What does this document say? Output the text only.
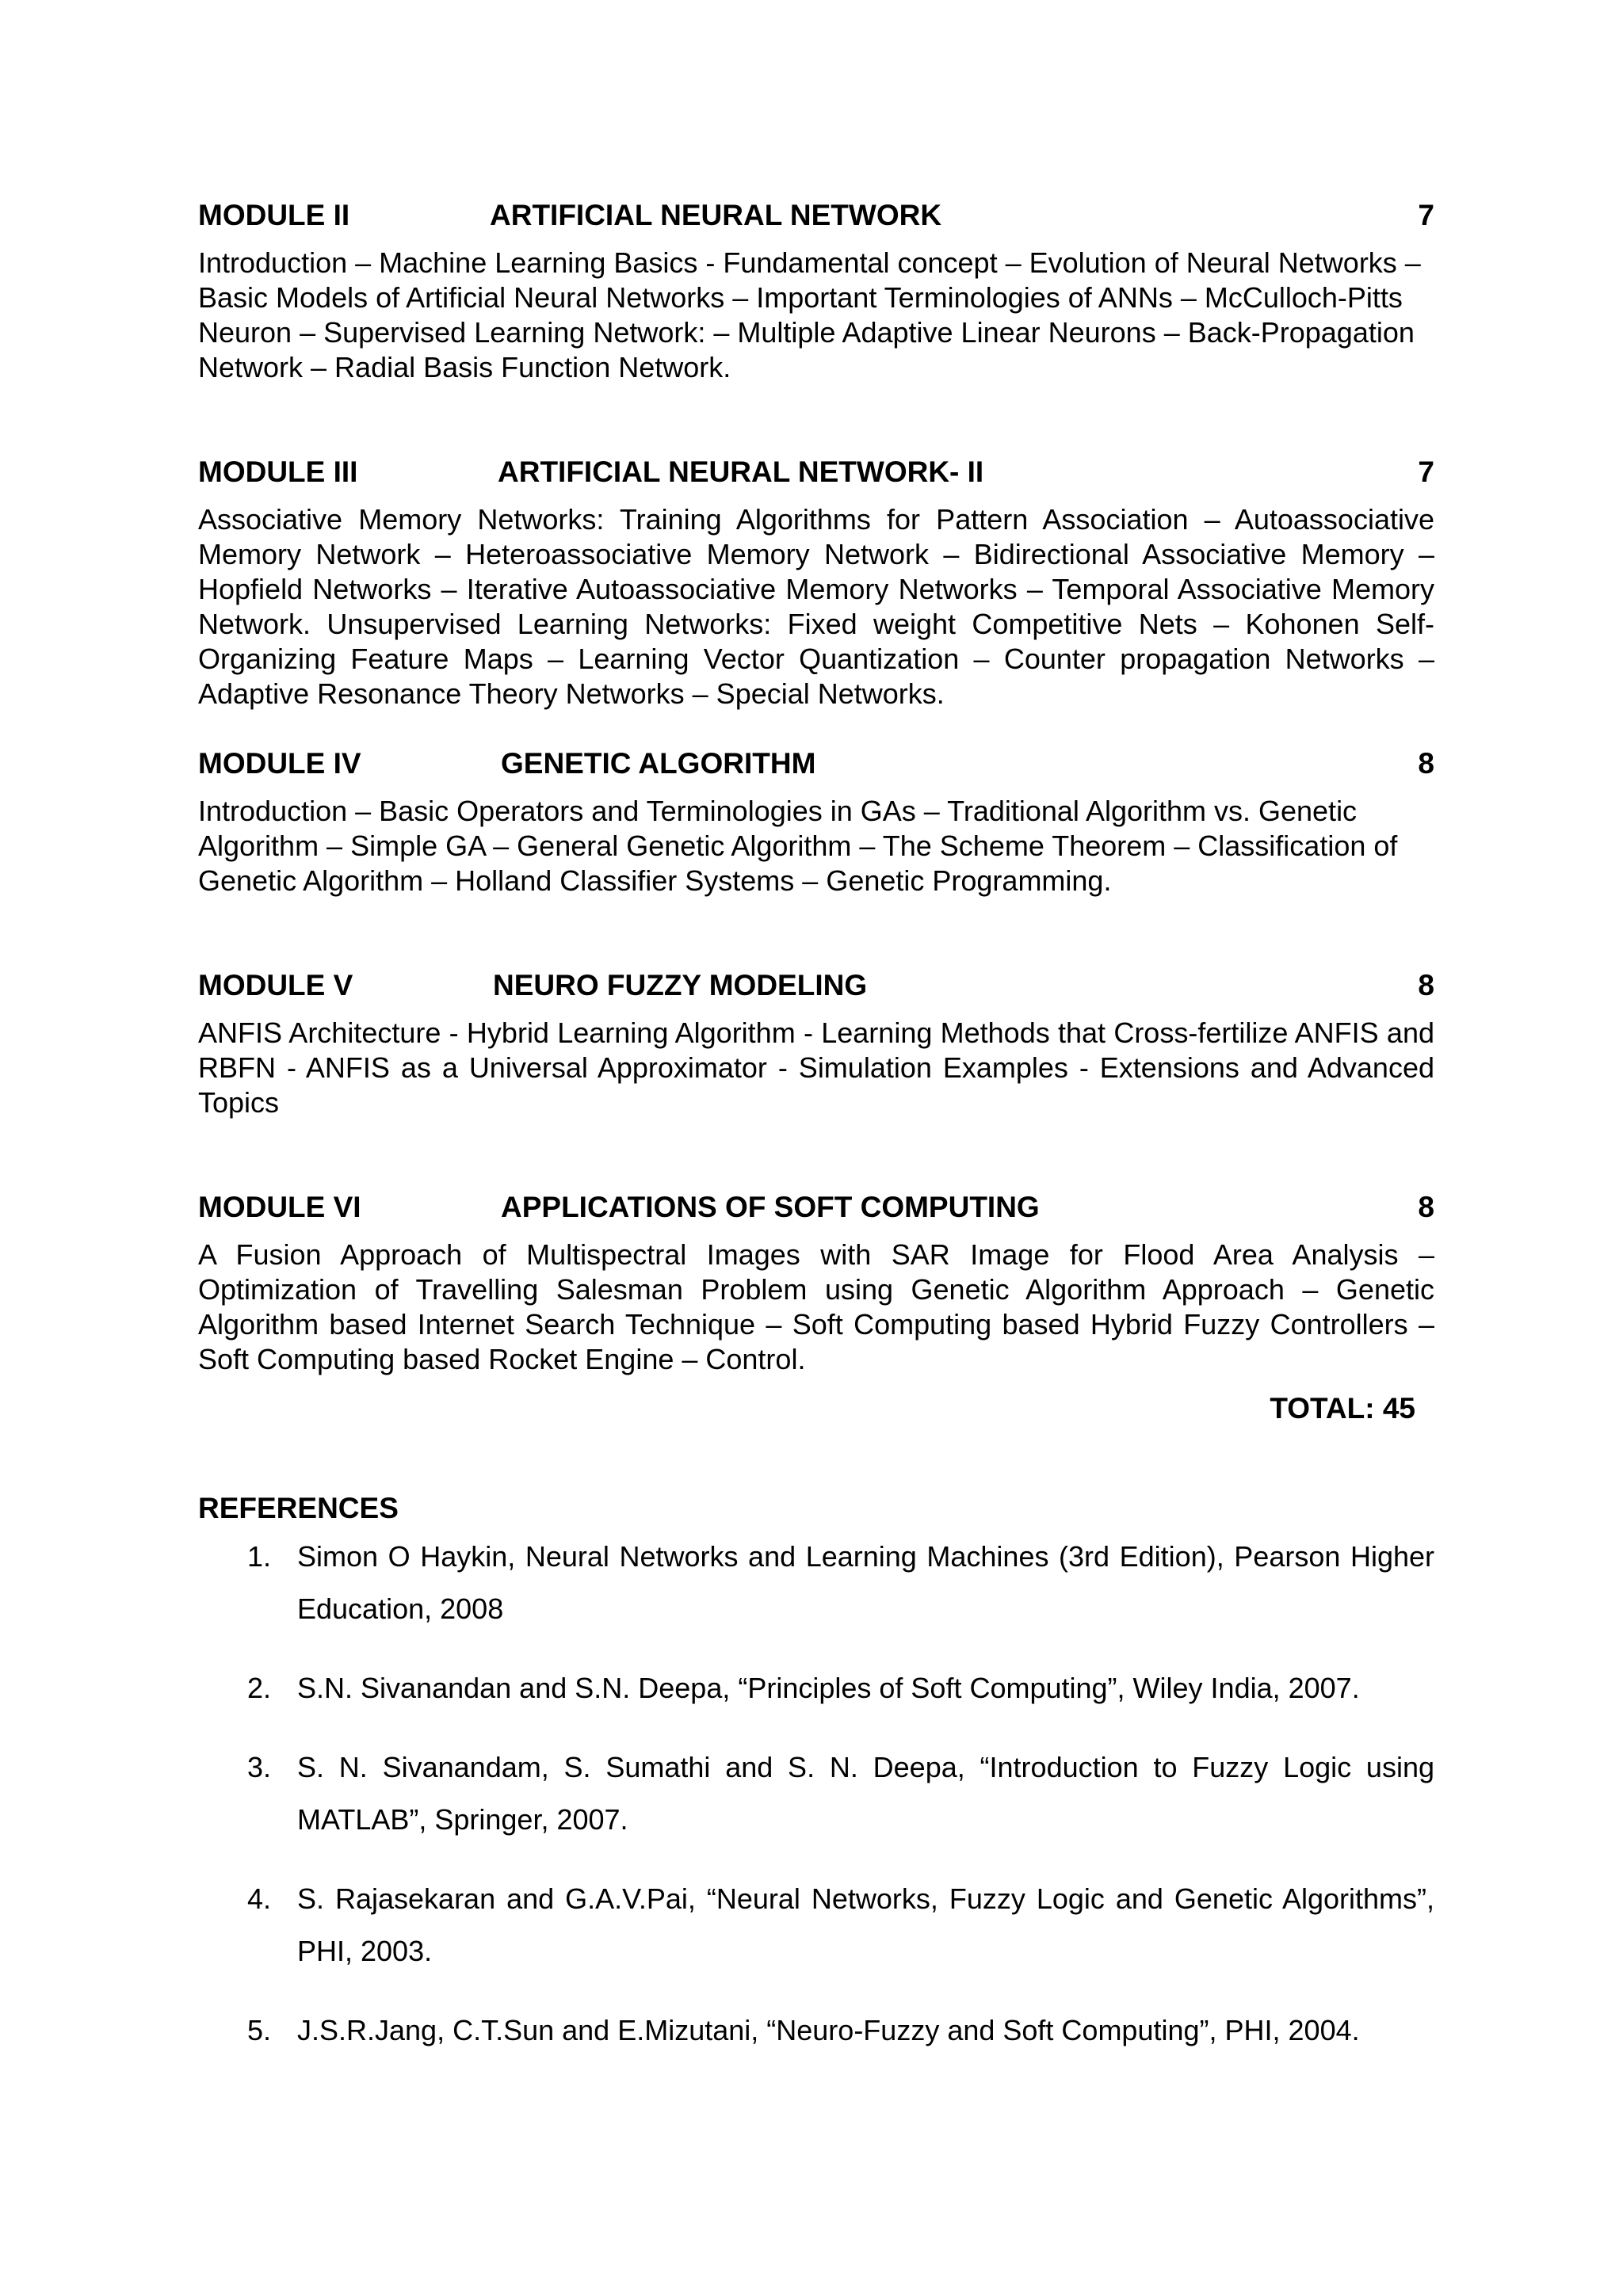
MODULE II	ARTIFICIAL NEURAL NETWORK	7
Introduction – Machine Learning Basics - Fundamental concept – Evolution of Neural Networks – Basic Models of Artificial Neural Networks – Important Terminologies of ANNs – McCulloch-Pitts Neuron – Supervised Learning Network: – Multiple Adaptive Linear Neurons – Back-Propagation Network – Radial Basis Function Network.
MODULE III	ARTIFICIAL NEURAL NETWORK- II	7
Associative Memory Networks: Training Algorithms for Pattern Association – Autoassociative Memory Network – Heteroassociative Memory Network – Bidirectional Associative Memory – Hopfield Networks – Iterative Autoassociative Memory Networks – Temporal Associative Memory Network. Unsupervised Learning Networks: Fixed weight Competitive Nets – Kohonen Self-Organizing Feature Maps – Learning Vector Quantization – Counter propagation Networks – Adaptive Resonance Theory Networks – Special Networks.
MODULE IV	GENETIC ALGORITHM	8
Introduction – Basic Operators and Terminologies in GAs – Traditional Algorithm vs. Genetic Algorithm – Simple GA – General Genetic Algorithm – The Scheme Theorem – Classification of Genetic Algorithm – Holland Classifier Systems – Genetic Programming.
MODULE V	NEURO FUZZY MODELING	8
ANFIS Architecture - Hybrid Learning Algorithm - Learning Methods that Cross-fertilize ANFIS and RBFN - ANFIS as a Universal Approximator - Simulation Examples - Extensions and Advanced Topics
MODULE VI	APPLICATIONS OF SOFT COMPUTING	8
A Fusion Approach of Multispectral Images with SAR Image for Flood Area Analysis – Optimization of Travelling Salesman Problem using Genetic Algorithm Approach – Genetic Algorithm based Internet Search Technique – Soft Computing based Hybrid Fuzzy Controllers – Soft Computing based Rocket Engine – Control.
TOTAL: 45
REFERENCES
1. Simon O Haykin, Neural Networks and Learning Machines (3rd Edition), Pearson Higher Education, 2008
2. S.N. Sivanandan and S.N. Deepa, “Principles of Soft Computing”, Wiley India, 2007.
3. S. N. Sivanandam, S. Sumathi and S. N. Deepa, “Introduction to Fuzzy Logic using MATLAB”, Springer, 2007.
4. S. Rajasekaran and G.A.V.Pai, “Neural Networks, Fuzzy Logic and Genetic Algorithms”, PHI, 2003.
5. J.S.R.Jang, C.T.Sun and E.Mizutani, “Neuro-Fuzzy and Soft Computing”, PHI, 2004.
